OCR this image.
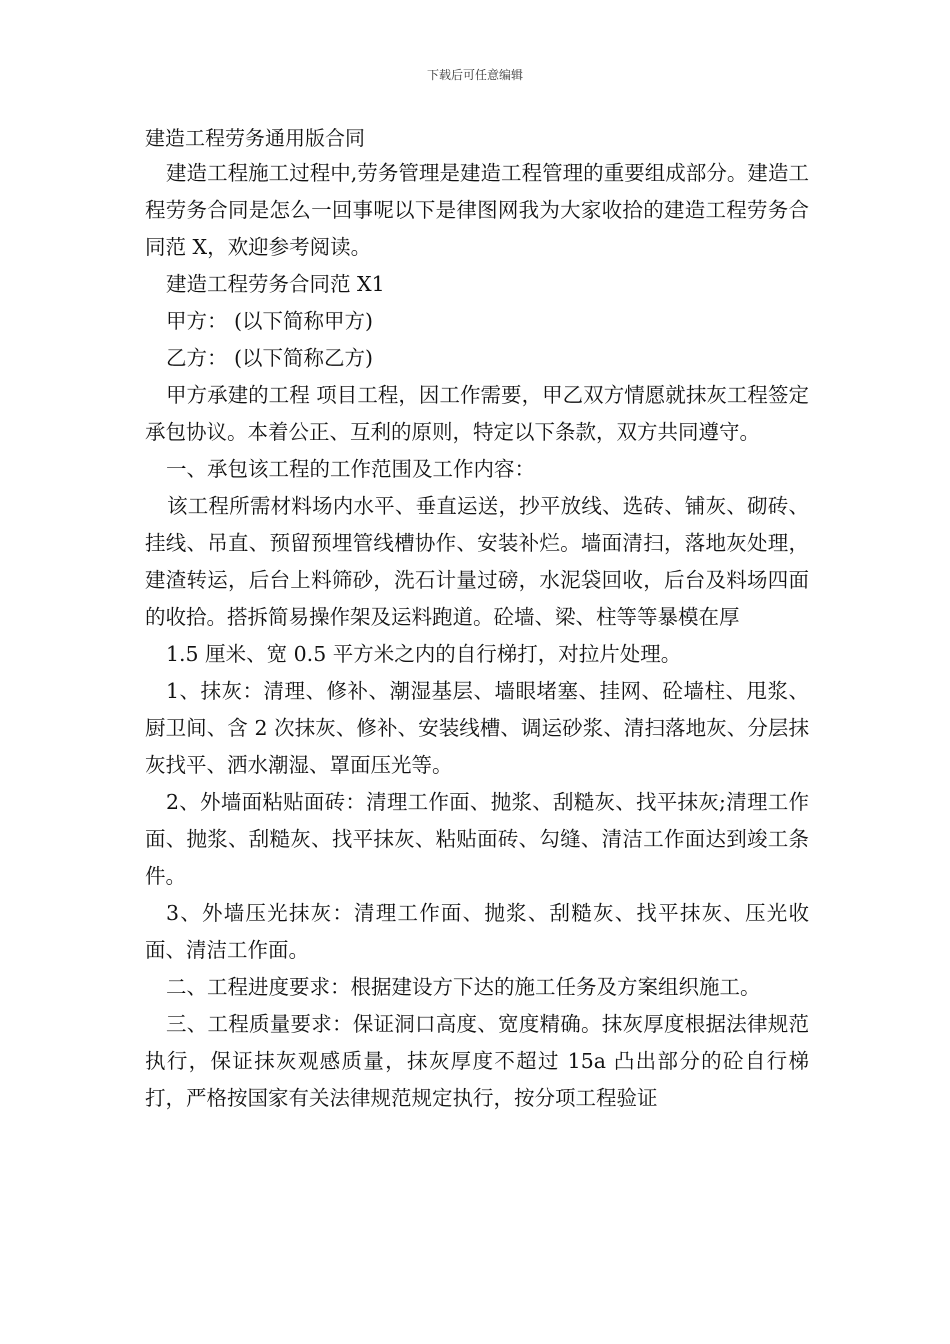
下载后可任意编辑

建造工程劳务通用版合同

建造工程施工过程中,劳务管理是建造工程管理的重要组成部分。建造工程劳务合同是怎么一回事呢以下是律图网我为大家收拾的建造工程劳务合同范 X，欢迎参考阅读。

建造工程劳务合同范 X1

甲方： (以下简称甲方)

乙方： (以下简称乙方)

甲方承建的工程 项目工程，因工作需要，甲乙双方情愿就抹灰工程签定承包协议。本着公正、互利的原则，特定以下条款，双方共同遵守。

一、承包该工程的工作范围及工作内容：

该工程所需材料场内水平、垂直运送，抄平放线、选砖、铺灰、砌砖、挂线、吊直、预留预埋管线槽协作、安装补烂。墙面清扫，落地灰处理，建渣转运，后台上料筛砂，洗石计量过磅，水泥袋回收，后台及料场四面的收拾。搭拆简易操作架及运料跑道。砼墙、梁、柱等等暴模在厚

1.5 厘米、宽 0.5 平方米之内的自行梯打，对拉片处理。

1、抹灰：清理、修补、潮湿基层、墙眼堵塞、挂网、砼墙柱、甩浆、厨卫间、含 2 次抹灰、修补、安装线槽、调运砂浆、清扫落地灰、分层抹灰找平、洒水潮湿、罩面压光等。

2、外墙面粘贴面砖：清理工作面、抛浆、刮糙灰、找平抹灰;清理工作面、抛浆、刮糙灰、找平抹灰、粘贴面砖、勾缝、清洁工作面达到竣工条件。

3、外墙压光抹灰：清理工作面、抛浆、刮糙灰、找平抹灰、压光收面、清洁工作面。

二、工程进度要求：根据建设方下达的施工任务及方案组织施工。

三、工程质量要求：保证洞口高度、宽度精确。抹灰厚度根据法律规范执行，保证抹灰观感质量，抹灰厚度不超过 15a 凸出部分的砼自行梯打，严格按国家有关法律规范规定执行，按分项工程验证
